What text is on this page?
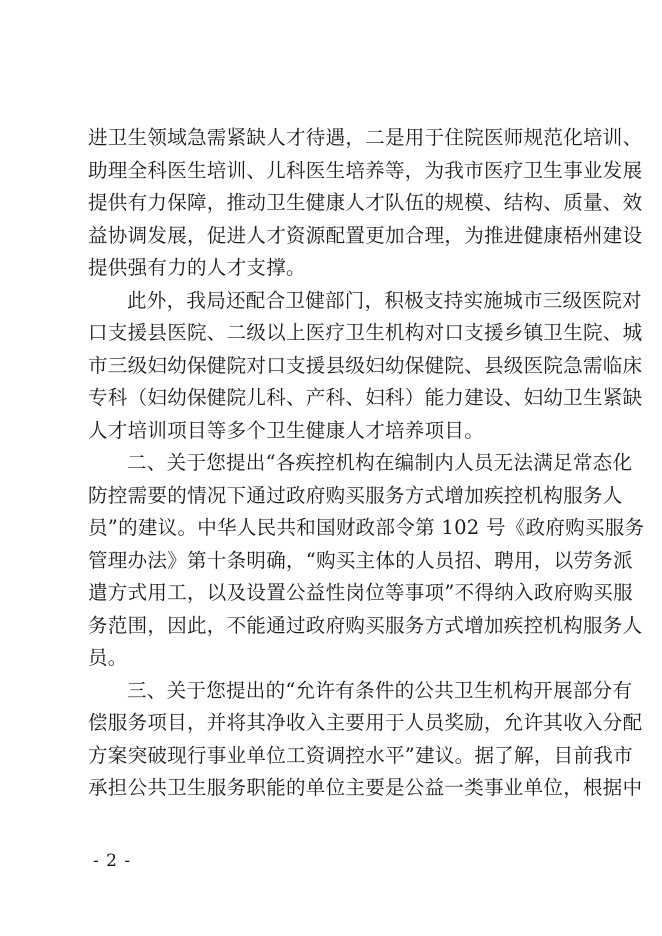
进卫生领域急需紧缺人才待遇，二是用于住院医师规范化培训、
助理全科医生培训、儿科医生培养等，为我市医疗卫生事业发展
提供有力保障，推动卫生健康人才队伍的规模、结构、质量、效
益协调发展，促进人才资源配置更加合理，为推进健康梧州建设
提供强有力的人才支撑。
此外，我局还配合卫健部门，积极支持实施城市三级医院对
口支援县医院、二级以上医疗卫生机构对口支援乡镇卫生院、城
市三级妇幼保健院对口支援县级妇幼保健院、县级医院急需临床
专科（妇幼保健院儿科、产科、妇科）能力建设、妇幼卫生紧缺
人才培训项目等多个卫生健康人才培养项目。
二、关于您提出“各疾控机构在编制内人员无法满足常态化
防控需要的情况下通过政府购买服务方式增加疾控机构服务人
员”的建议。中华人民共和国财政部令第 102 号《政府购买服务
管理办法》第十条明确，“购买主体的人员招、聘用，以劳务派
遣方式用工，以及设置公益性岗位等事项”不得纳入政府购买服
务范围，因此，不能通过政府购买服务方式增加疾控机构服务人
员。
三、关于您提出的“允许有条件的公共卫生机构开展部分有
偿服务项目，并将其净收入主要用于人员奖励，允许其收入分配
方案突破现行事业单位工资调控水平”建议。据了解，目前我市
承担公共卫生服务职能的单位主要是公益一类事业单位，根据中
- 2 -
